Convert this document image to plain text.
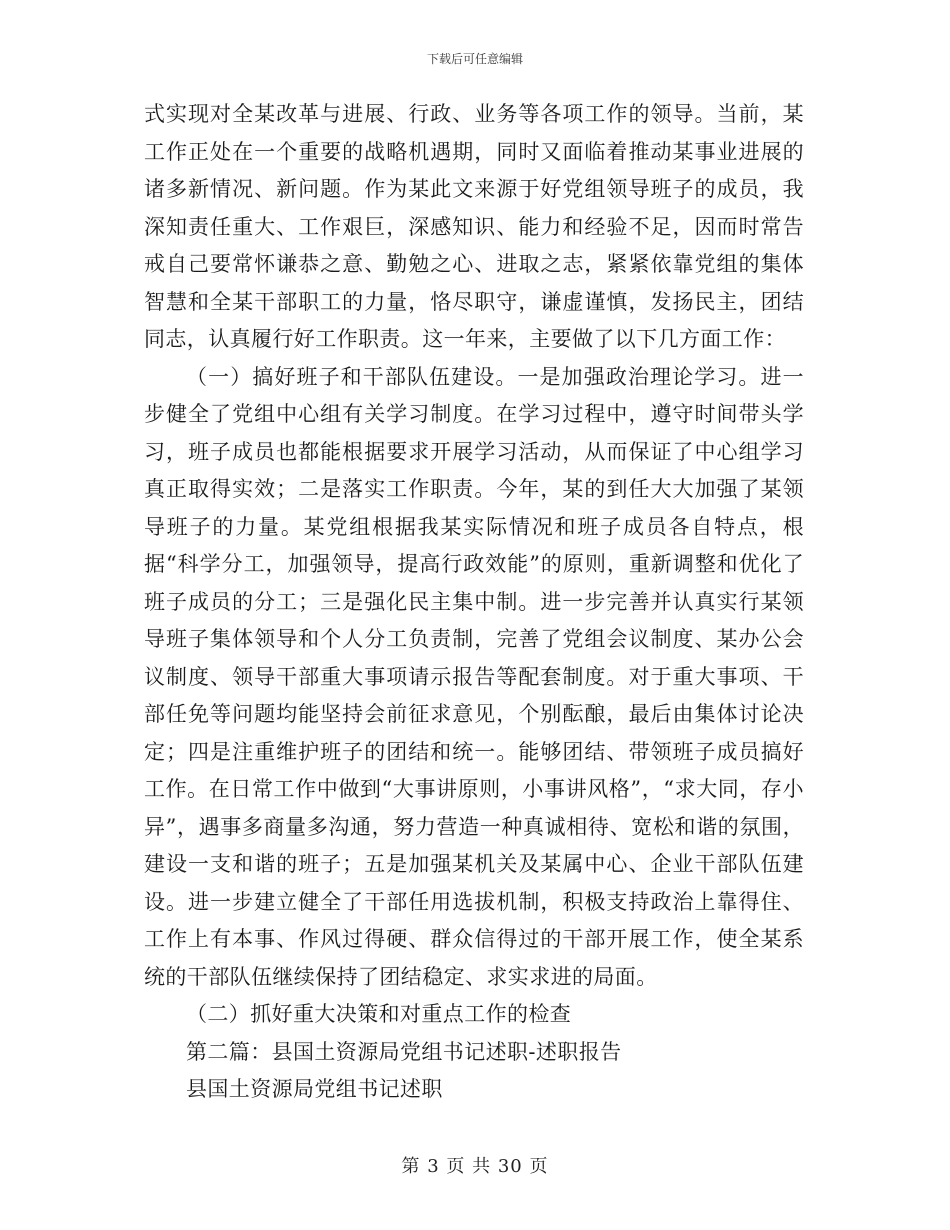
下载后可任意编辑

式实现对全某改革与进展、行政、业务等各项工作的领导。当前，某工作正处在一个重要的战略机遇期，同时又面临着推动某事业进展的诸多新情况、新问题。作为某此文来源于好党组领导班子的成员，我深知责任重大、工作艰巨，深感知识、能力和经验不足，因而时常告戒自己要常怀谦恭之意、勤勉之心、进取之志，紧紧依靠党组的集体智慧和全某干部职工的力量，恪尽职守，谦虚谨慎，发扬民主，团结同志，认真履行好工作职责。这一年来，主要做了以下几方面工作：

（一）搞好班子和干部队伍建设。一是加强政治理论学习。进一步健全了党组中心组有关学习制度。在学习过程中，遵守时间带头学习，班子成员也都能根据要求开展学习活动，从而保证了中心组学习真正取得实效；二是落实工作职责。今年，某的到任大大加强了某领导班子的力量。某党组根据我某实际情况和班子成员各自特点，根据“科学分工，加强领导，提高行政效能”的原则，重新调整和优化了班子成员的分工；三是强化民主集中制。进一步完善并认真实行某领导班子集体领导和个人分工负责制，完善了党组会议制度、某办公会议制度、领导干部重大事项请示报告等配套制度。对于重大事项、干部任免等问题均能坚持会前征求意见，个别酝酿，最后由集体讨论决定；四是注重维护班子的团结和统一。能够团结、带领班子成员搞好工作。在日常工作中做到“大事讲原则，小事讲风格”，“求大同，存小异”，遇事多商量多沟通，努力营造一种真诚相待、宽松和谐的氛围，建设一支和谐的班子；五是加强某机关及某属中心、企业干部队伍建设。进一步建立健全了干部任用选拔机制，积极支持政治上靠得住、工作上有本事、作风过得硬、群众信得过的干部开展工作，使全某系统的干部队伍继续保持了团结稳定、求实求进的局面。

（二）抓好重大决策和对重点工作的检查

第二篇：县国土资源局党组书记述职-述职报告

县国土资源局党组书记述职

第 3 页 共 30 页
